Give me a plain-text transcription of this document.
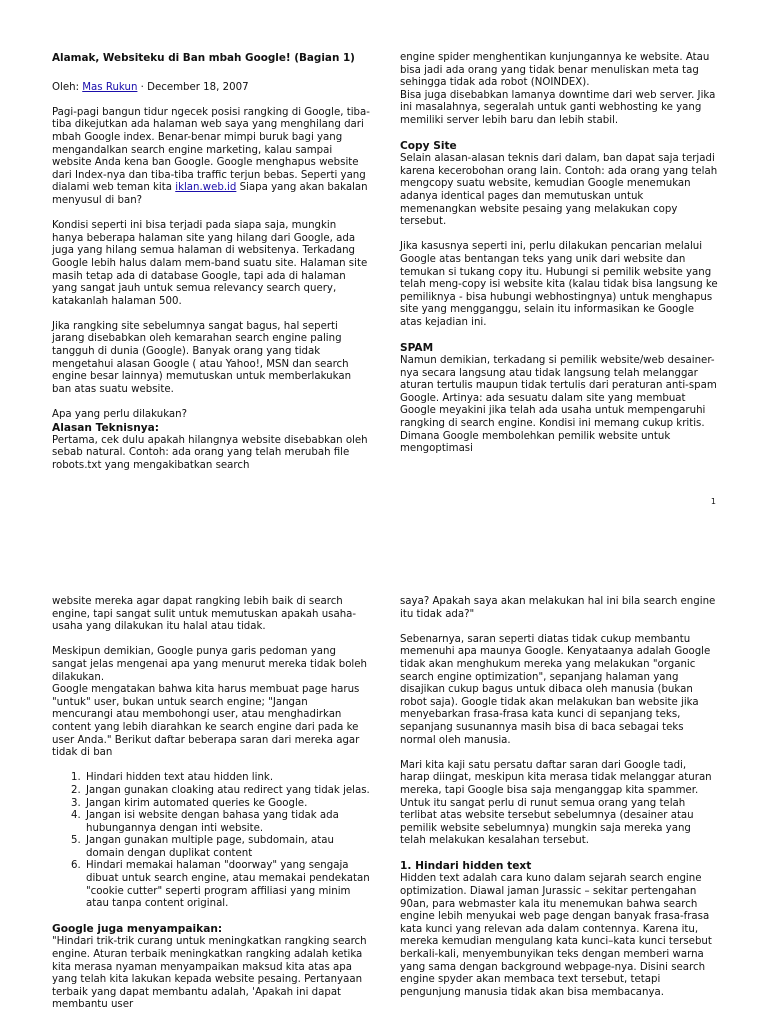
Alamak, Websiteku di Ban mbah Google! (Bagian 1)

Oleh: Mas Rukun · December 18, 2007

Pagi-pagi bangun tidur ngecek posisi rangking di Google, tiba-tiba dikejutkan ada halaman web saya yang menghilang dari mbah Google index. Benar-benar mimpi buruk bagi yang mengandalkan search engine marketing, kalau sampai website Anda kena ban Google. Google menghapus website dari Index-nya dan tiba-tiba traffic terjun bebas. Seperti yang dialami web teman kita iklan.web.id Siapa yang akan bakalan menyusul di ban?

Kondisi seperti ini bisa terjadi pada siapa saja, mungkin hanya beberapa halaman site yang hilang dari Google, ada juga yang hilang semua halaman di websitenya. Terkadang Google lebih halus dalam mem-band suatu site. Halaman site masih tetap ada di database Google, tapi ada di halaman yang sangat jauh untuk semua relevancy search query, katakanlah halaman 500.

Jika rangking site sebelumnya sangat bagus, hal seperti jarang disebabkan oleh kemarahan search engine paling tangguh di dunia (Google). Banyak orang yang tidak mengetahui alasan Google ( atau Yahoo!, MSN dan search engine besar lainnya) memutuskan untuk memberlakukan ban atas suatu website.

Apa yang perlu dilakukan?

Alasan Teknisnya:

Pertama, cek dulu apakah hilangnya website disebabkan oleh sebab natural. Contoh: ada orang yang telah merubah file robots.txt yang mengakibatkan search

engine spider menghentikan kunjungannya ke website. Atau bisa jadi ada orang yang tidak benar menuliskan meta tag sehingga tidak ada robot (NOINDEX).

Bisa juga disebabkan lamanya downtime dari web server. Jika ini masalahnya, segeralah untuk ganti webhosting ke yang memiliki server lebih baru dan lebih stabil.

Copy Site

Selain alasan-alasan teknis dari dalam, ban dapat saja terjadi karena kecerobohan orang lain. Contoh: ada orang yang telah mengcopy suatu website, kemudian Google menemukan adanya identical pages dan memutuskan untuk memenangkan website pesaing yang melakukan copy tersebut.

Jika kasusnya seperti ini, perlu dilakukan pencarian melalui Google atas bentangan teks yang unik dari website dan temukan si tukang copy itu. Hubungi si pemilik website yang telah meng-copy isi website kita (kalau tidak bisa langsung ke pemiliknya - bisa hubungi webhostingnya) untuk menghapus site yang mengganggu, selain itu informasikan ke Google atas kejadian ini.

SPAM

Namun demikian, terkadang si pemilik website/web desainer-nya secara langsung atau tidak langsung telah melanggar aturan tertulis maupun tidak tertulis dari peraturan anti-spam Google. Artinya: ada sesuatu dalam site yang membuat Google meyakini jika telah ada usaha untuk mempengaruhi rangking di search engine. Kondisi ini memang cukup kritis. Dimana Google membolehkan pemilik website untuk mengoptimasi

1

website mereka agar dapat rangking lebih baik di search engine, tapi sangat sulit untuk memutuskan apakah usaha-usaha yang dilakukan itu halal atau tidak.

Meskipun demikian, Google punya garis pedoman yang sangat jelas mengenai apa yang menurut mereka tidak boleh dilakukan.

Google mengatakan bahwa kita harus membuat page harus "untuk" user, bukan untuk search engine; "Jangan mencurangi atau membohongi user, atau menghadirkan content yang lebih diarahkan ke search engine dari pada ke user Anda." Berikut daftar beberapa saran dari mereka agar tidak di ban

1. Hindari hidden text atau hidden link.
2. Jangan gunakan cloaking atau redirect yang tidak jelas.
3. Jangan kirim automated queries ke Google.
4. Jangan isi website dengan bahasa yang tidak ada hubungannya dengan inti website.
5. Jangan gunakan multiple page, subdomain, atau domain dengan duplikat content
6. Hindari memakai halaman "doorway" yang sengaja dibuat untuk search engine, atau memakai pendekatan "cookie cutter" seperti program affiliasi yang minim atau tanpa content original.
Google juga menyampaikan:

"Hindari trik-trik curang untuk meningkatkan rangking search engine. Aturan terbaik meningkatkan rangking adalah ketika kita merasa nyaman menyampaikan maksud kita atas apa yang telah kita lakukan kepada website pesaing. Pertanyaan terbaik yang dapat membantu adalah, 'Apakah ini dapat membantu user

saya? Apakah saya akan melakukan hal ini bila search engine itu tidak ada?"

Sebenarnya, saran seperti diatas tidak cukup membantu memenuhi apa maunya Google. Kenyataanya adalah Google tidak akan menghukum mereka yang melakukan "organic search engine optimization", sepanjang halaman yang disajikan cukup bagus untuk dibaca oleh manusia (bukan robot saja). Google tidak akan melakukan ban website jika menyebarkan frasa-frasa kata kunci di sepanjang teks, sepanjang susunannya masih bisa di baca sebagai teks normal oleh manusia.

Mari kita kaji satu persatu daftar saran dari Google tadi, harap diingat, meskipun kita merasa tidak melanggar aturan mereka, tapi Google bisa saja menganggap kita spammer. Untuk itu sangat perlu di runut semua orang yang telah terlibat atas website tersebut sebelumnya (desainer atau pemilik website sebelumnya) mungkin saja mereka yang telah melakukan kesalahan tersebut.

1. Hindari hidden text

Hidden text adalah cara kuno dalam sejarah search engine optimization. Diawal jaman Jurassic – sekitar pertengahan 90an, para webmaster kala itu menemukan bahwa search engine lebih menyukai web page dengan banyak frasa-frasa kata kunci yang relevan ada dalam contennya. Karena itu, mereka kemudian mengulang kata kunci–kata kunci tersebut berkali-kali, menyembunyikan teks dengan memberi warna yang sama dengan background webpage-nya. Disini search engine spyder akan membaca text tersebut, tetapi pengunjung manusia tidak akan bisa membacanya.
